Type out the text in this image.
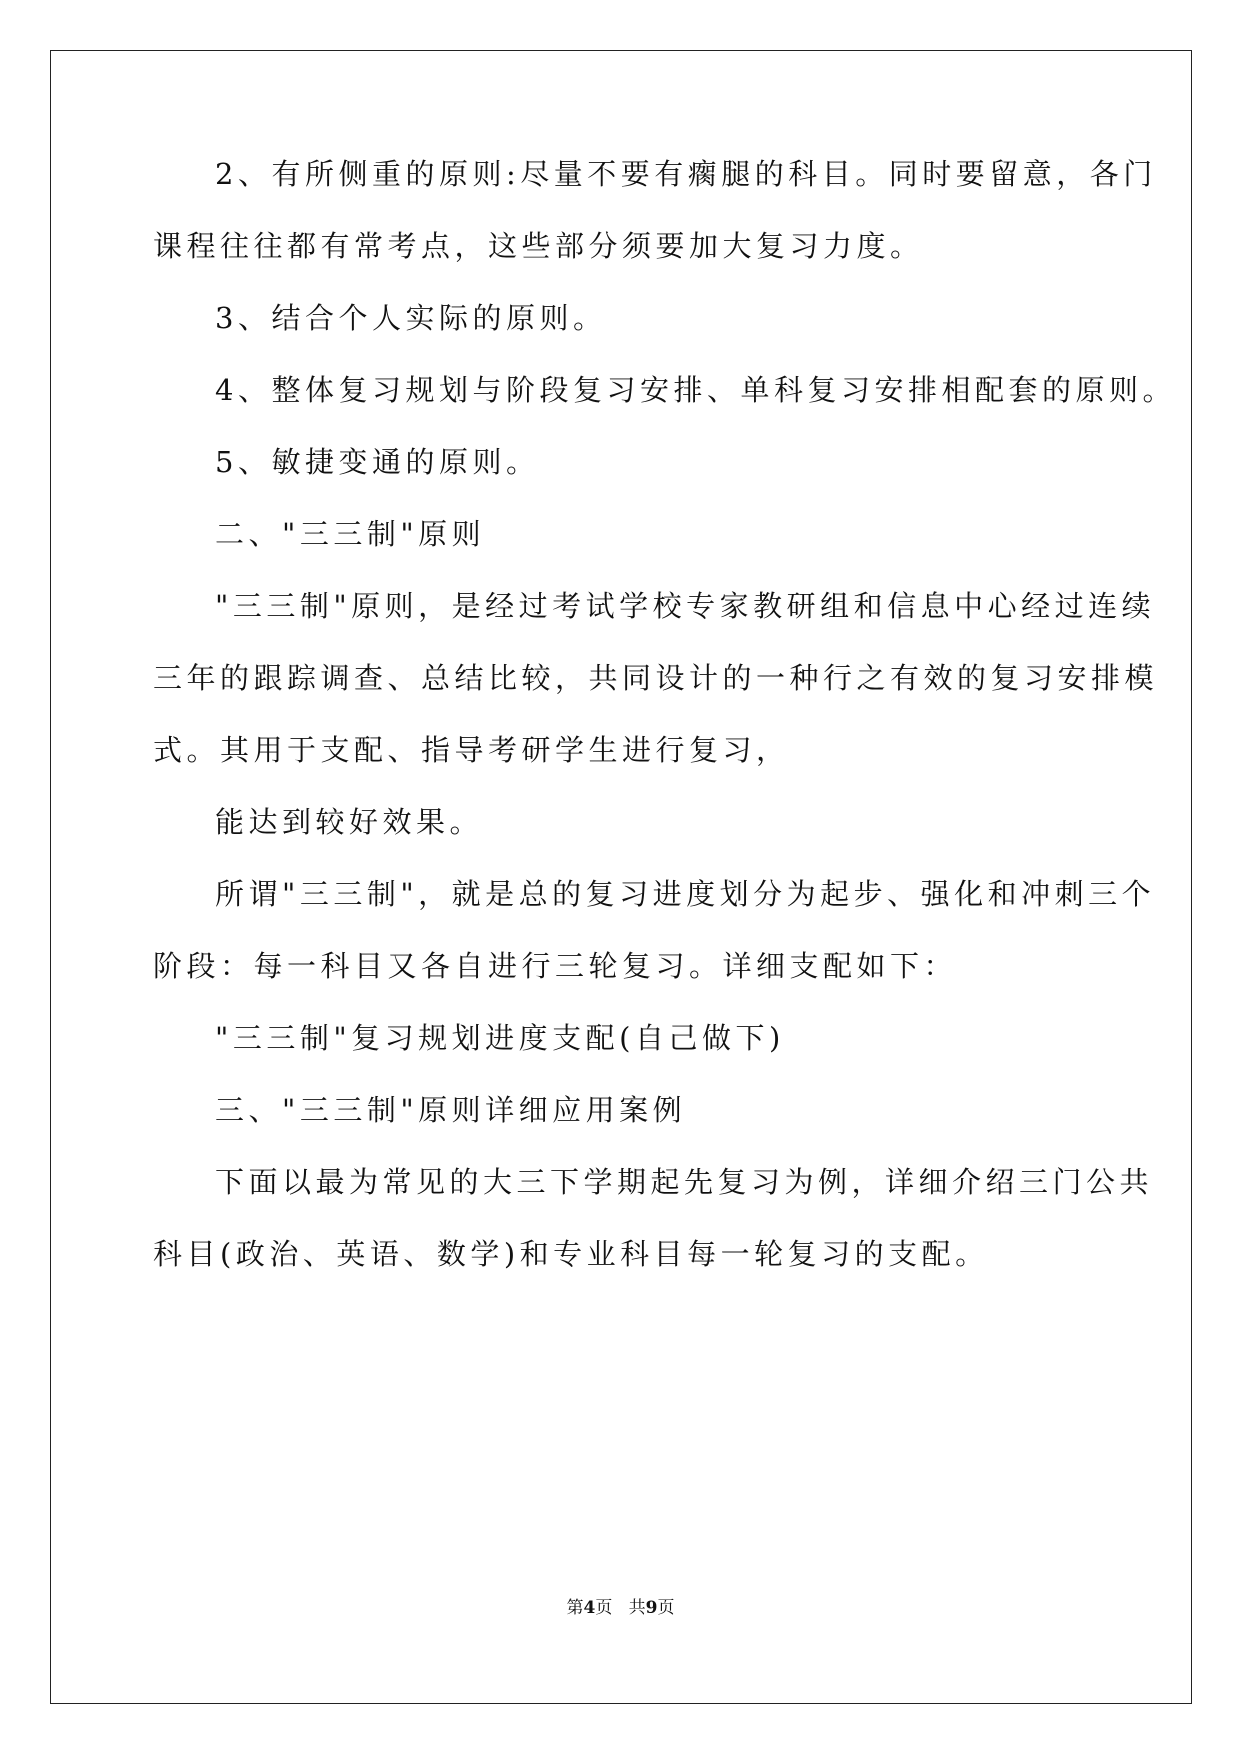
2、有所侧重的原则:尽量不要有瘸腿的科目。同时要留意，各门
课程往往都有常考点，这些部分须要加大复习力度。
3、结合个人实际的原则。
4、整体复习规划与阶段复习安排、单科复习安排相配套的原则。
5、敏捷变通的原则。
二、"三三制"原则
"三三制"原则，是经过考试学校专家教研组和信息中心经过连续
三年的跟踪调查、总结比较，共同设计的一种行之有效的复习安排模
式。其用于支配、指导考研学生进行复习，
能达到较好效果。
所谓"三三制"，就是总的复习进度划分为起步、强化和冲刺三个
阶段：每一科目又各自进行三轮复习。详细支配如下：
"三三制"复习规划进度支配(自己做下)
三、"三三制"原则详细应用案例
下面以最为常见的大三下学期起先复习为例，详细介绍三门公共
科目(政治、英语、数学)和专业科目每一轮复习的支配。
第4页 共9页
